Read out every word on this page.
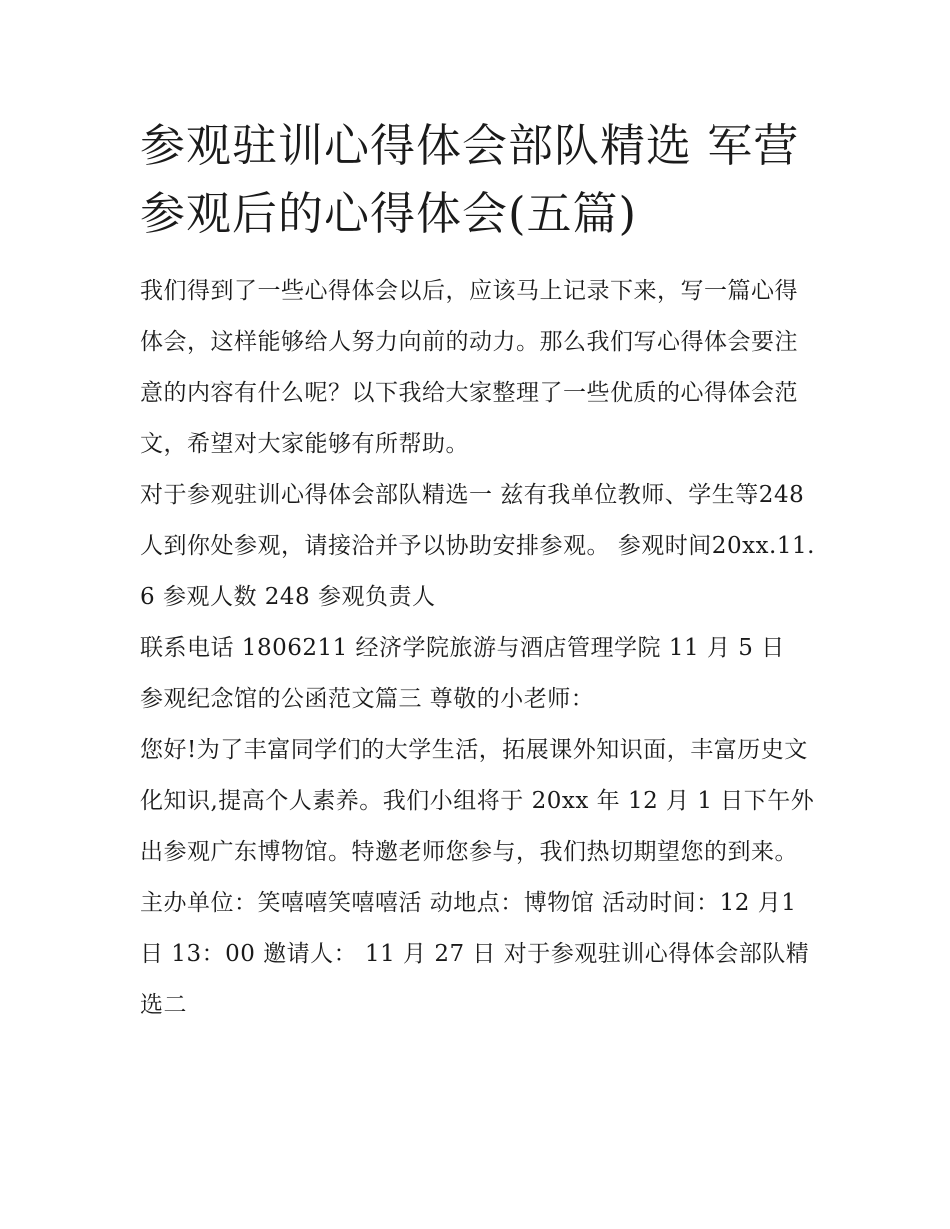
参观驻训心得体会部队精选 军营参观后的心得体会(五篇)

我们得到了一些心得体会以后，应该马上记录下来，写一篇心得体会，这样能够给人努力向前的动力。那么我们写心得体会要注意的内容有什么呢？以下我给大家整理了一些优质的心得体会范文，希望对大家能够有所帮助。

对于参观驻训心得体会部队精选一 兹有我单位教师、学生等248 人到你处参观，请接洽并予以协助安排参观。 参观时间20xx.11.6 参观人数 248 参观负责人

联系电话 1806211 经济学院旅游与酒店管理学院 11 月 5 日 参观纪念馆的公函范文篇三 尊敬的小老师：

您好!为了丰富同学们的大学生活，拓展课外知识面，丰富历史文化知识,提高个人素养。我们小组将于 20xx 年 12 月 1 日下午外出参观广东博物馆。特邀老师您参与，我们热切期望您的到来。

主办单位：笑嘻嘻笑嘻嘻活 动地点：博物馆 活动时间：12 月1 日 13：00 邀请人： 11 月 27 日 对于参观驻训心得体会部队精选二
